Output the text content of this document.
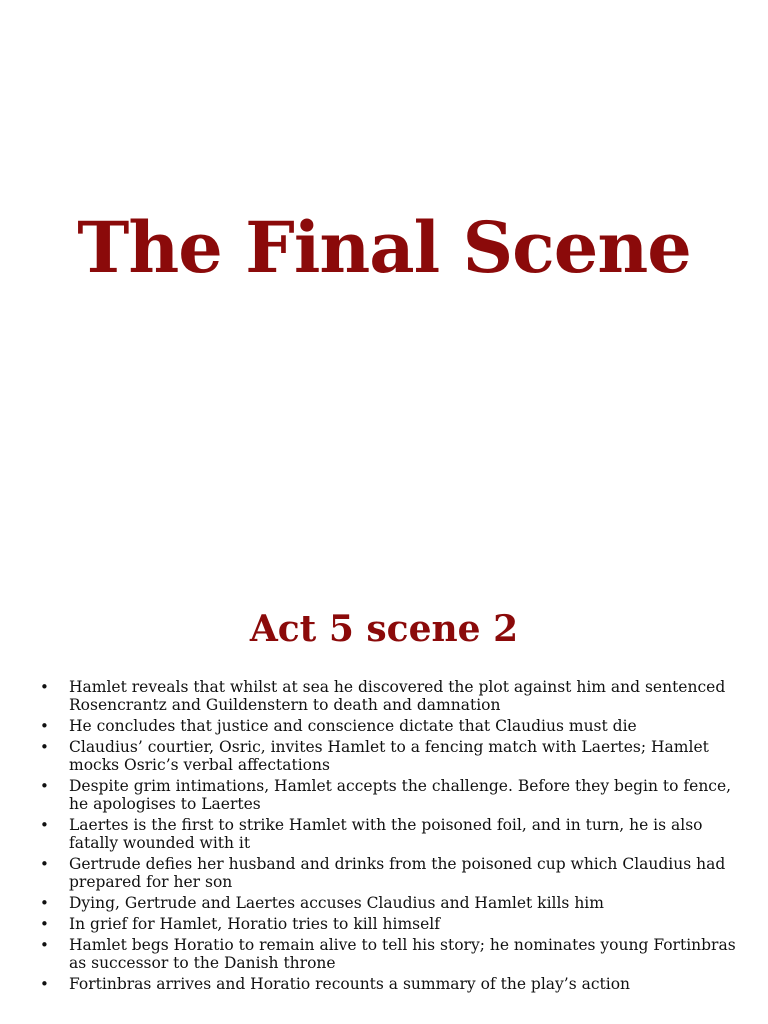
The Final Scene
Act 5 scene 2
• Hamlet reveals that whilst at sea he discovered the plot against him and sentenced Rosencrantz and Guildenstern to death and damnation
• He concludes that justice and conscience dictate that Claudius must die
• Claudius’ courtier, Osric, invites Hamlet to a fencing match with Laertes; Hamlet mocks Osric’s verbal affectations
• Despite grim intimations, Hamlet accepts the challenge. Before they begin to fence, he apologises to Laertes
• Laertes is the first to strike Hamlet with the poisoned foil, and in turn, he is also fatally wounded with it
• Gertrude defies her husband and drinks from the poisoned cup which Claudius had prepared for her son
• Dying, Gertrude and Laertes accuses Claudius and Hamlet kills him
• In grief for Hamlet, Horatio tries to kill himself
• Hamlet begs Horatio to remain alive to tell his story; he nominates young Fortinbras as successor to the Danish throne
• Fortinbras arrives and Horatio recounts a summary of the play’s action
